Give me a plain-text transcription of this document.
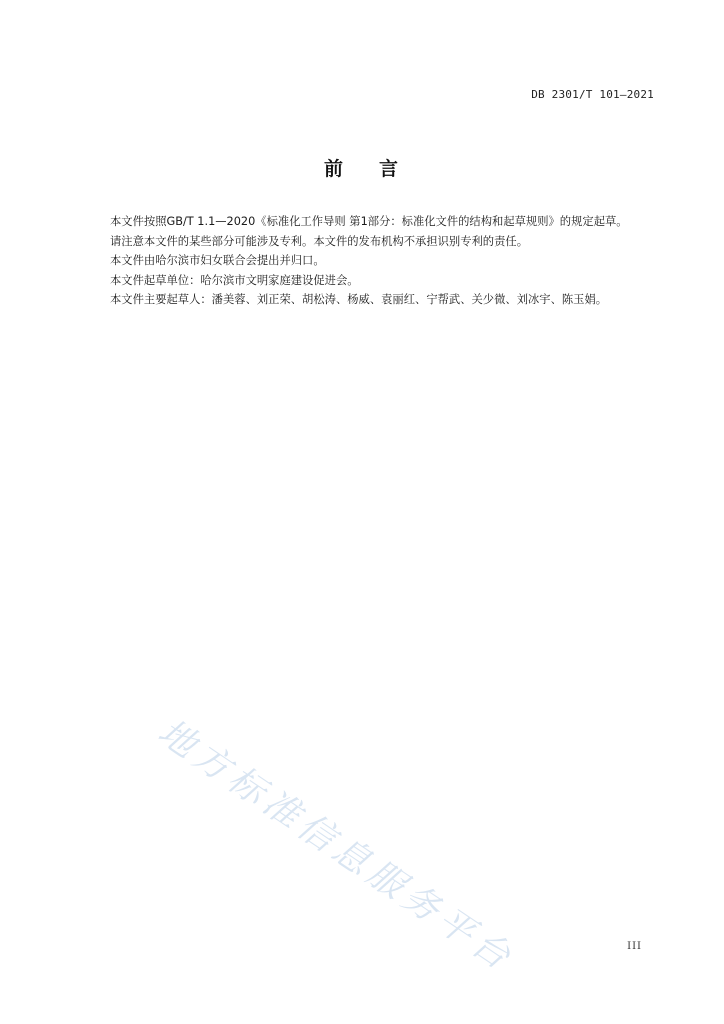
DB 2301/T 101—2021
前 言

本文件按照GB/T 1.1—2020《标准化工作导则 第1部分：标准化文件的结构和起草规则》的规定起草。

请注意本文件的某些部分可能涉及专利。本文件的发布机构不承担识别专利的责任。

本文件由哈尔滨市妇女联合会提出并归口。

本文件起草单位：哈尔滨市文明家庭建设促进会。

本文件主要起草人：潘美蓉、刘正荣、胡松涛、杨威、袁丽红、宁帮武、关少微、刘冰宇、陈玉娟。

地方标准信息服务平台	III
